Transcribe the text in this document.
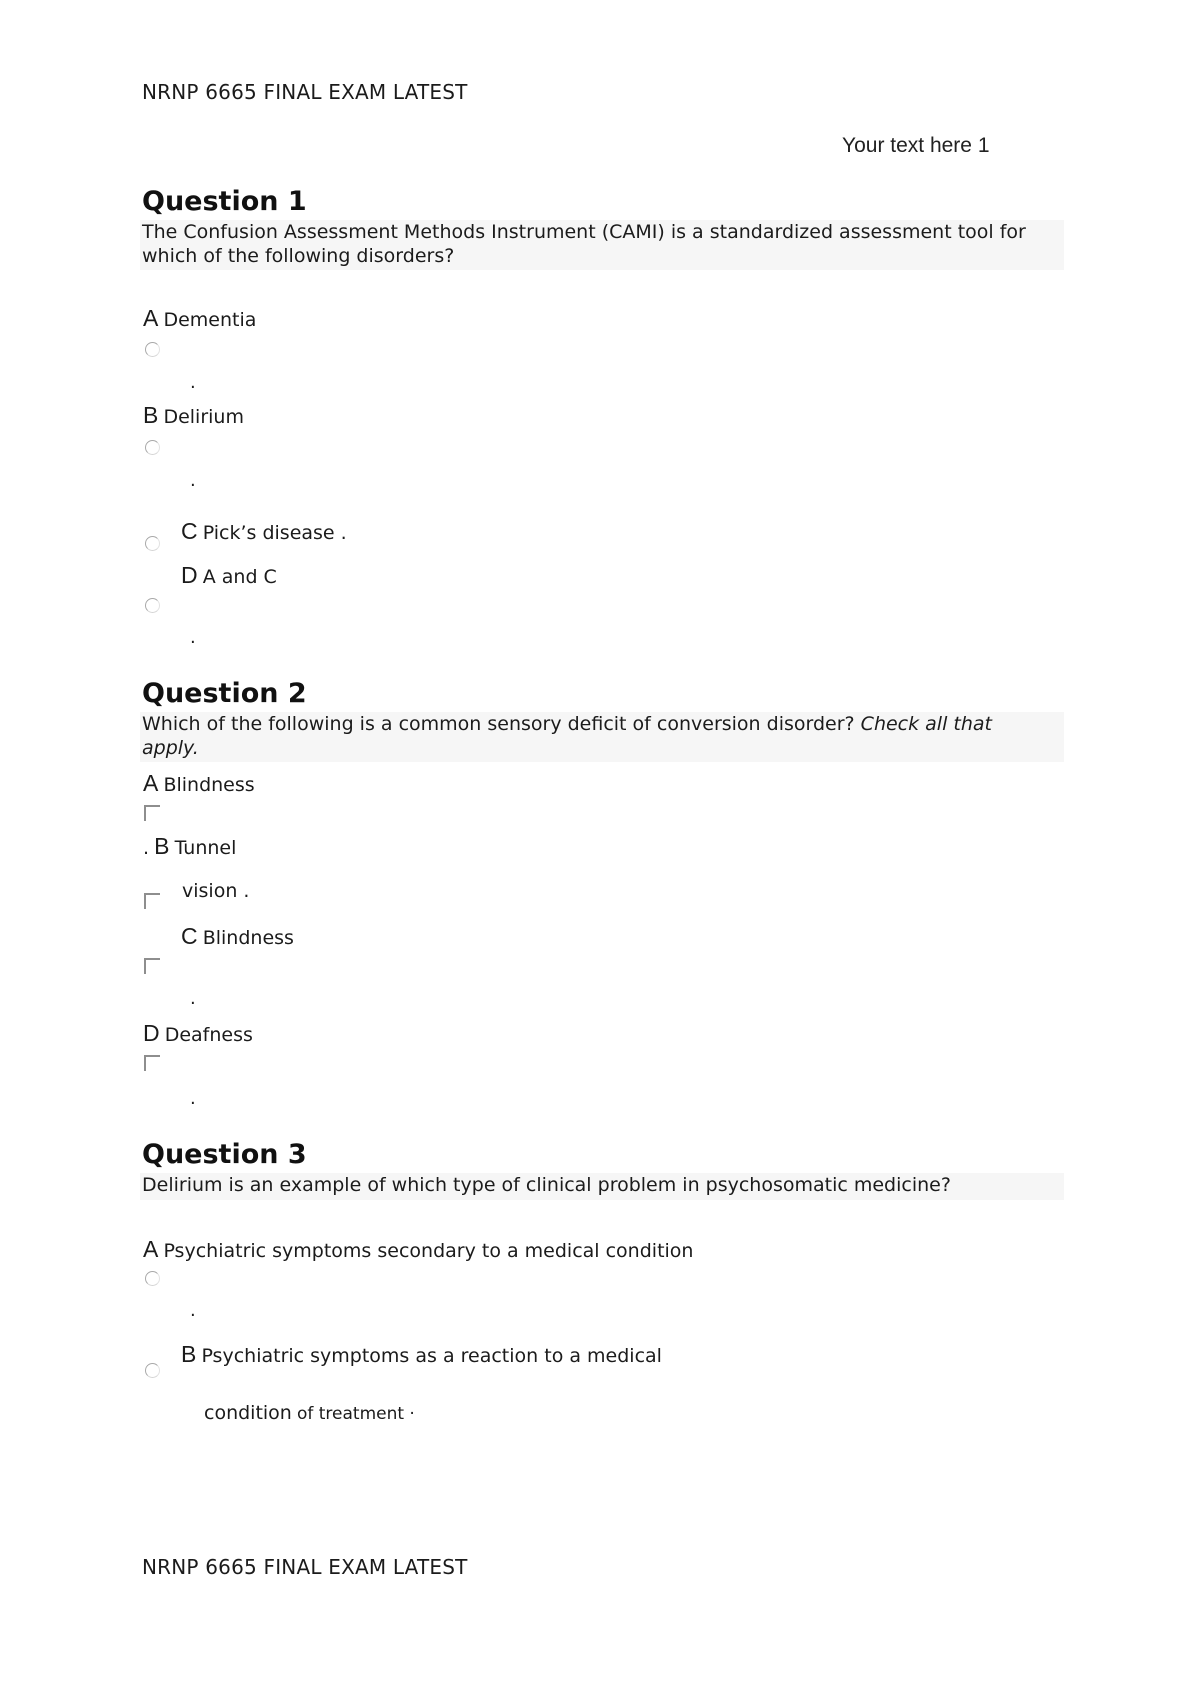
NRNP 6665 FINAL EXAM LATEST
Your text here 1
Question 1
The Confusion Assessment Methods Instrument (CAMI) is a standardized assessment tool for
which of the following disorders?
A Dementia
.
B Delirium
.
C Pick’s disease .
D A and C
.
Question 2
Which of the following is a common sensory deficit of conversion disorder? Check all that
apply.
A Blindness
. B Tunnel
vision .
C Blindness
.
D Deafness
.
Question 3
Delirium is an example of which type of clinical problem in psychosomatic medicine?
A Psychiatric symptoms secondary to a medical condition
.
B Psychiatric symptoms as a reaction to a medical
condition of treatment ·
NRNP 6665 FINAL EXAM LATEST
